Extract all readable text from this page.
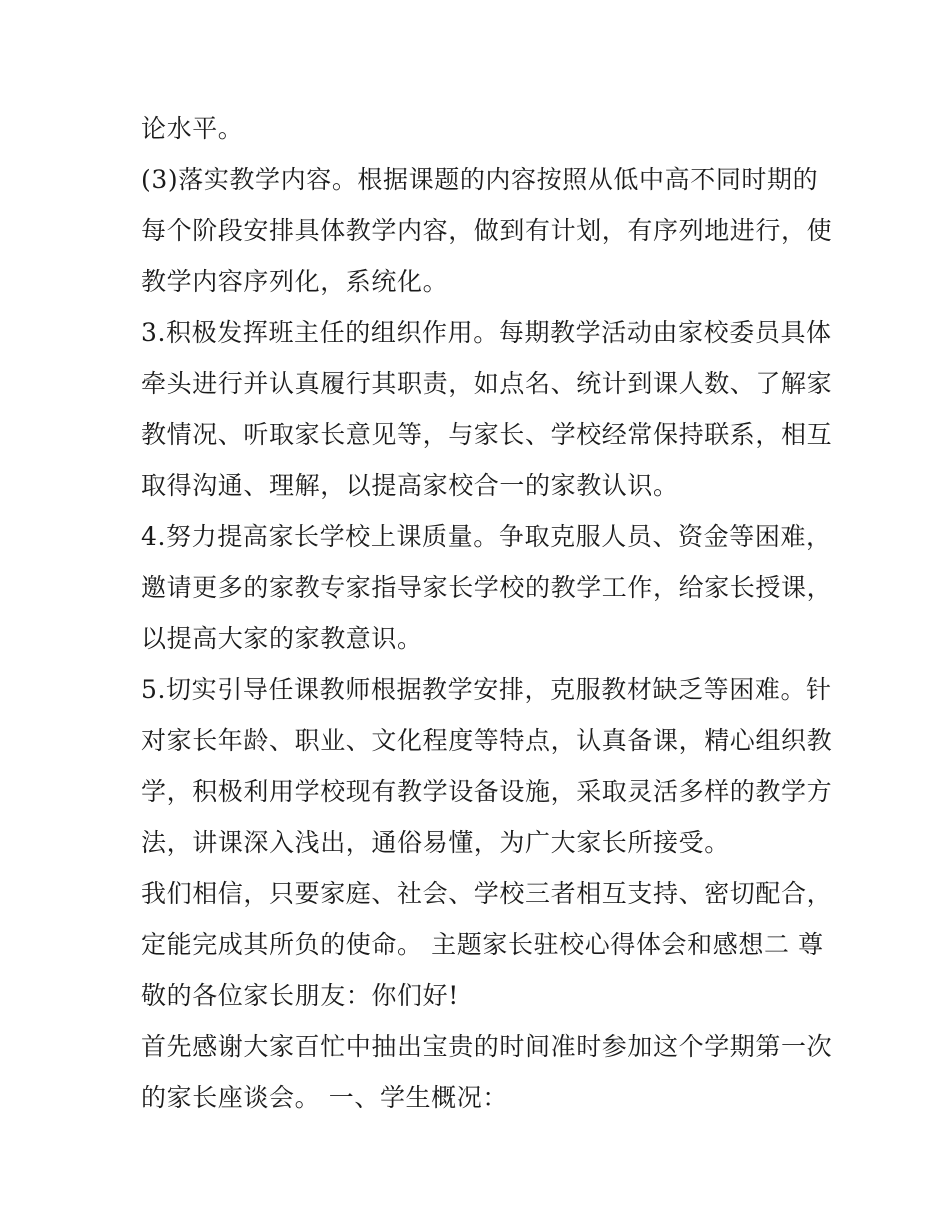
论水平。
(3)落实教学内容。根据课题的内容按照从低中高不同时期的
每个阶段安排具体教学内容，做到有计划，有序列地进行，使
教学内容序列化，系统化。
3.积极发挥班主任的组织作用。每期教学活动由家校委员具体
牵头进行并认真履行其职责，如点名、统计到课人数、了解家
教情况、听取家长意见等，与家长、学校经常保持联系，相互
取得沟通、理解，以提高家校合一的家教认识。
4.努力提高家长学校上课质量。争取克服人员、资金等困难，
邀请更多的家教专家指导家长学校的教学工作，给家长授课，
以提高大家的家教意识。
5.切实引导任课教师根据教学安排，克服教材缺乏等困难。针
对家长年龄、职业、文化程度等特点，认真备课，精心组织教
学，积极利用学校现有教学设备设施，采取灵活多样的教学方
法，讲课深入浅出，通俗易懂，为广大家长所接受。
我们相信，只要家庭、社会、学校三者相互支持、密切配合，
定能完成其所负的使命。 主题家长驻校心得体会和感想二 尊
敬的各位家长朋友：你们好!
首先感谢大家百忙中抽出宝贵的时间准时参加这个学期第一次
的家长座谈会。 一、学生概况：
